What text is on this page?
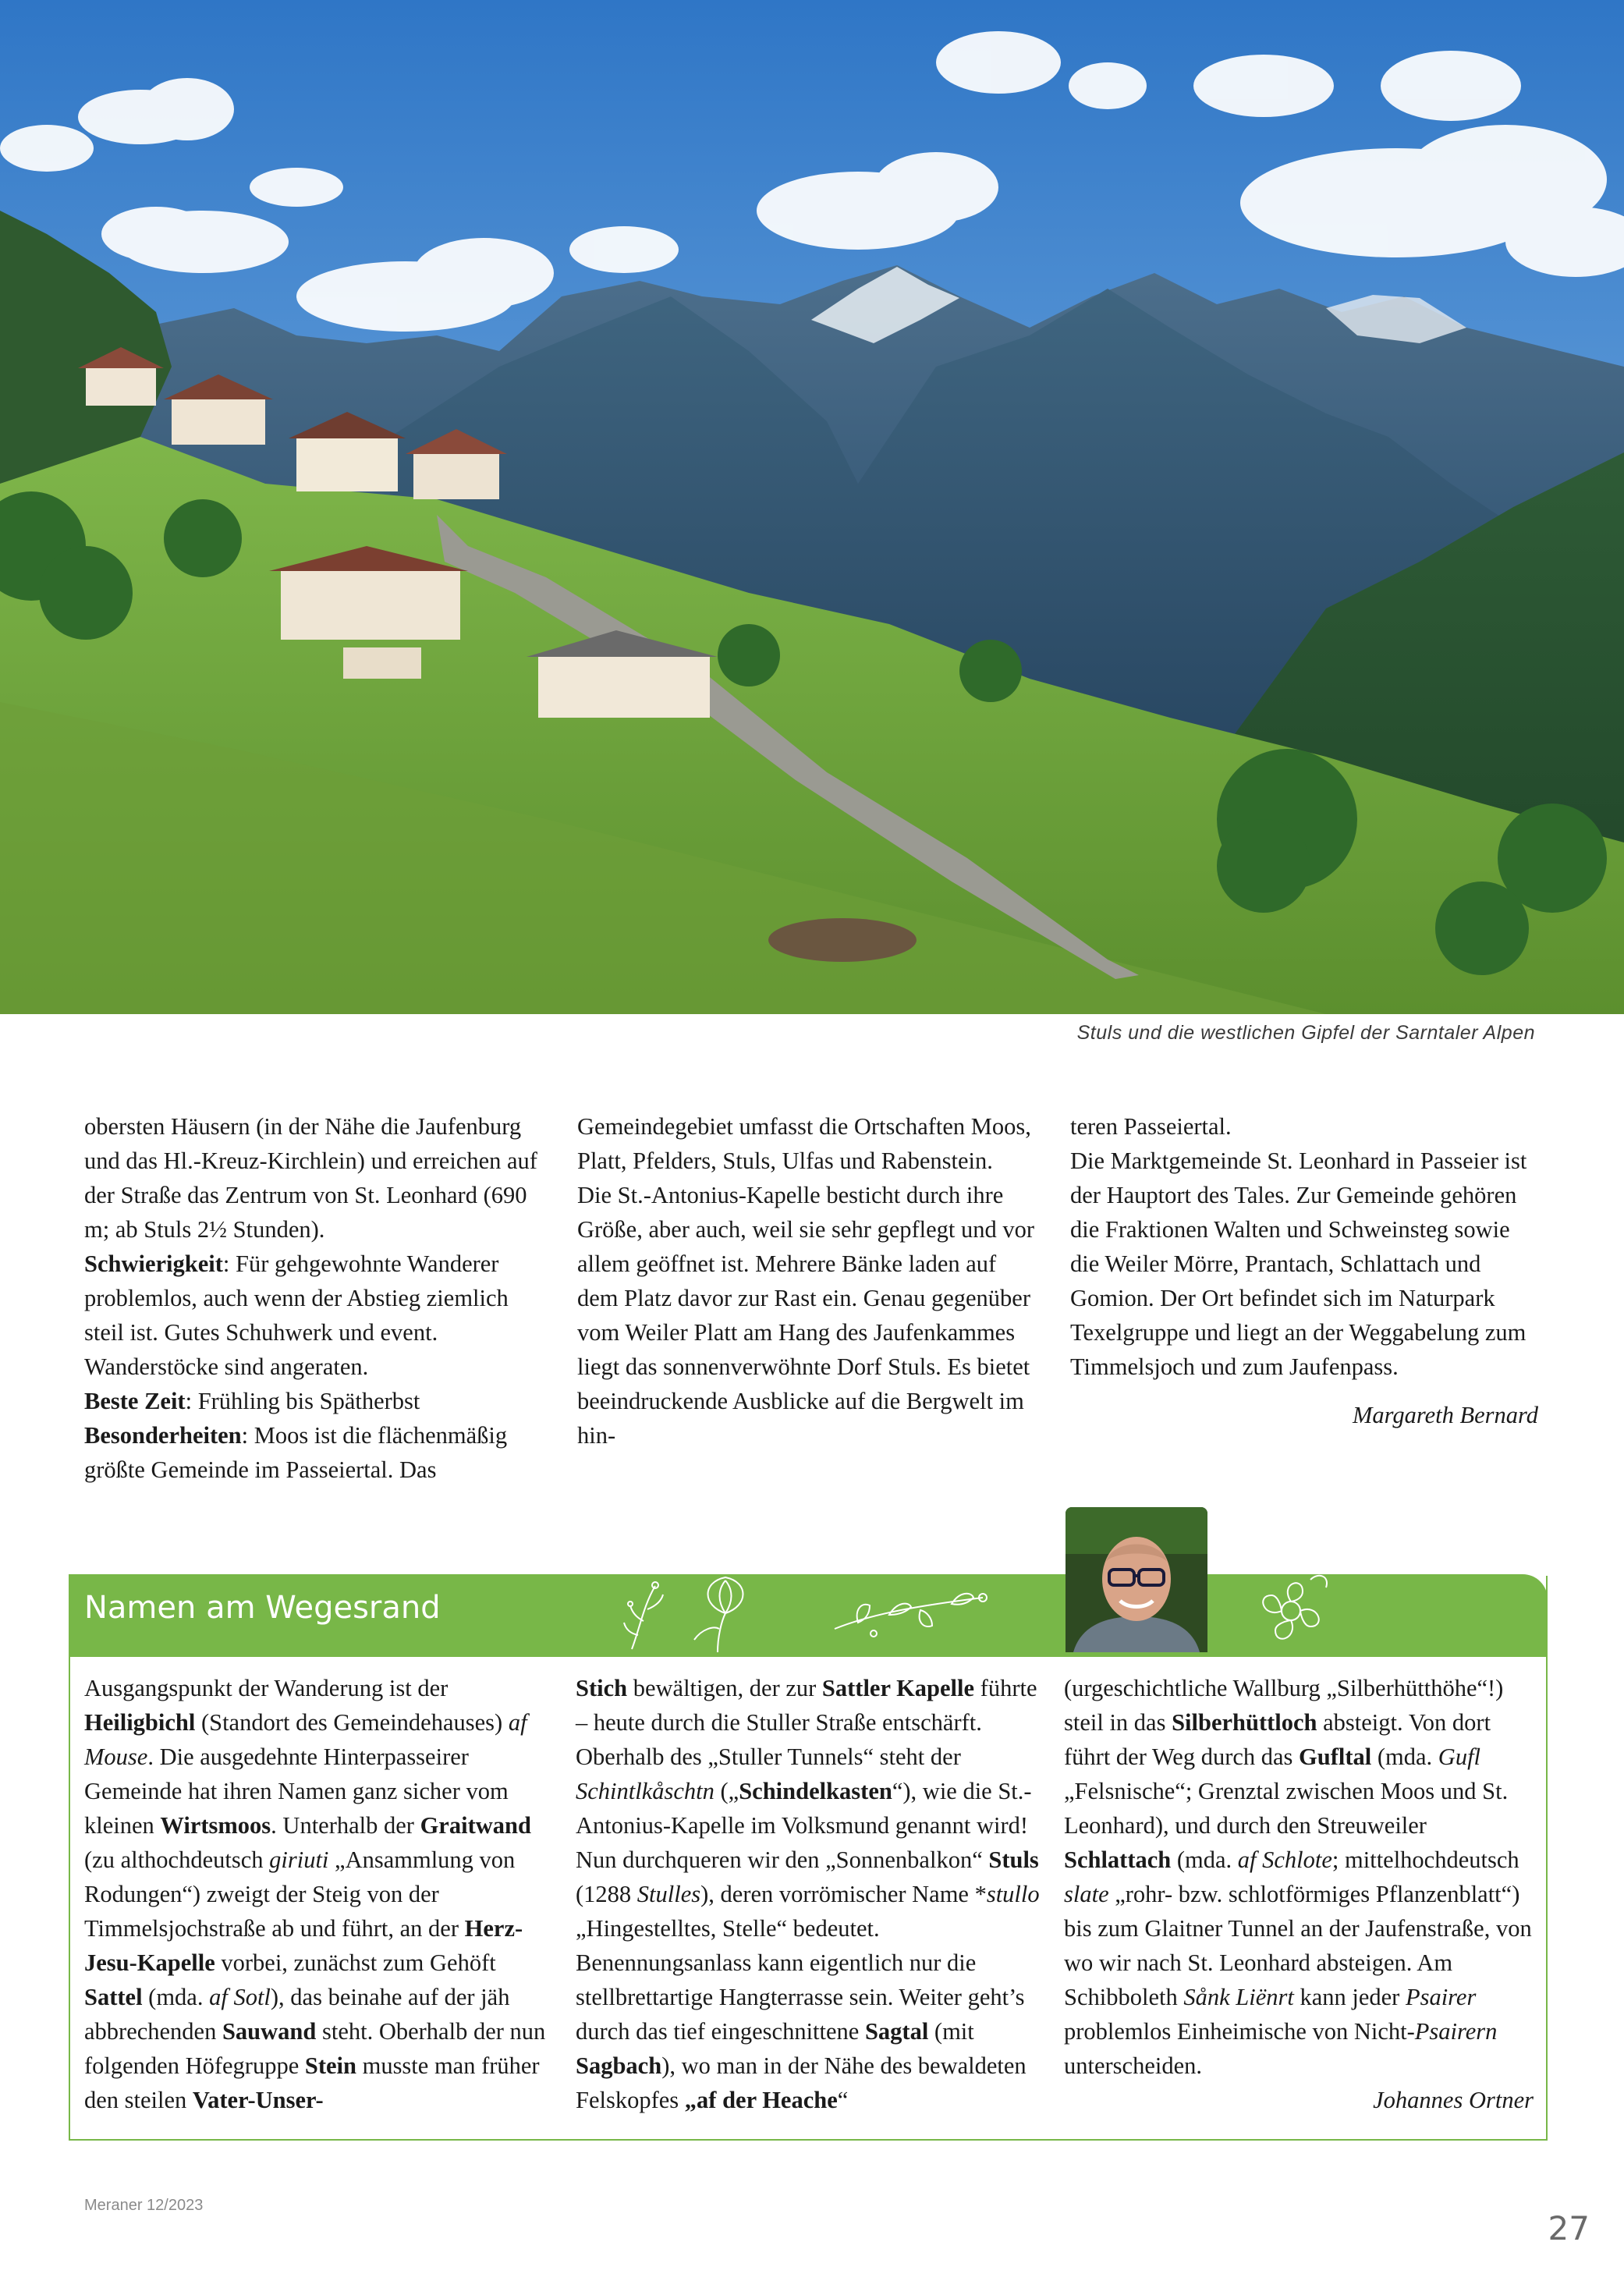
Stuls und die westlichen Gipfel der Sarntaler Alpen

obersten Häusern (in der Nähe die Jaufenburg und das Hl.-Kreuz-Kirchlein) und erreichen auf der Straße das Zentrum von St. Leonhard (690 m; ab Stuls 2½ Stunden).

Schwierigkeit: Für gehgewohnte Wanderer problemlos, auch wenn der Abstieg ziemlich steil ist. Gutes Schuhwerk und event. Wanderstöcke sind angeraten.

Beste Zeit: Frühling bis Spätherbst

Besonderheiten: Moos ist die flächenmäßig größte Gemeinde im Passeiertal. Das

Gemeindegebiet umfasst die Ortschaften Moos, Platt, Pfelders, Stuls, Ulfas und Rabenstein.

Die St.-Antonius-Kapelle besticht durch ihre Größe, aber auch, weil sie sehr gepflegt und vor allem geöffnet ist. Mehrere Bänke laden auf dem Platz davor zur Rast ein. Genau gegenüber vom Weiler Platt am Hang des Jaufenkammes liegt das sonnenverwöhnte Dorf Stuls. Es bietet beeindruckende Ausblicke auf die Bergwelt im hin-

teren Passeiertal.

Die Marktgemeinde St. Leonhard in Passeier ist der Hauptort des Tales. Zur Gemeinde gehören die Fraktionen Walten und Schweinsteg sowie die Weiler Mörre, Prantach, Schlattach und Gomion. Der Ort befindet sich im Naturpark Texelgruppe und liegt an der Weggabelung zum Timmelsjoch und zum Jaufenpass.

Margareth Bernard

Namen am Wegesrand

Ausgangspunkt der Wanderung ist der Heiligbichl (Standort des Gemeindehauses) af Mouse. Die ausgedehnte Hinterpasseirer Gemeinde hat ihren Namen ganz sicher vom kleinen Wirtsmoos. Unterhalb der Graitwand (zu althochdeutsch giriuti „Ansammlung von Rodungen“) zweigt der Steig von der Timmelsjochstraße ab und führt, an der Herz-Jesu-Kapelle vorbei, zunächst zum Gehöft Sattel (mda. af Sotl), das beinahe auf der jäh abbrechenden Sauwand steht. Oberhalb der nun folgenden Höfegruppe Stein musste man früher den steilen Vater-Unser-

Stich bewältigen, der zur Sattler Kapelle führte – heute durch die Stuller Straße entschärft. Oberhalb des „Stuller Tunnels“ steht der Schintlkåschtn („Schindelkasten“), wie die St.-Antonius-Kapelle im Volksmund genannt wird! Nun durchqueren wir den „Sonnenbalkon“ Stuls (1288 Stulles), deren vorrömischer Name *stullo „Hingestelltes, Stelle“ bedeutet. Benennungsanlass kann eigentlich nur die stellbrettartige Hangterrasse sein. Weiter geht’s durch das tief eingeschnittene Sagtal (mit Sagbach), wo man in der Nähe des bewaldeten Felskopfes „af der Heache“

(urgeschichtliche Wallburg „Silberhütthöhe“!) steil in das Silberhüttloch absteigt. Von dort führt der Weg durch das Gufltal (mda. Gufl „Felsnische“; Grenztal zwischen Moos und St. Leonhard), und durch den Streuweiler Schlattach (mda. af Schlote; mittelhochdeutsch slate „rohr- bzw. schlotförmiges Pflanzenblatt“) bis zum Glaitner Tunnel an der Jaufenstraße, von wo wir nach St. Leonhard absteigen. Am Schibboleth Sånk Liënrt kann jeder Psairer problemlos Einheimische von Nicht-Psairern unterscheiden.

Johannes Ortner

Meraner 12/2023
27
